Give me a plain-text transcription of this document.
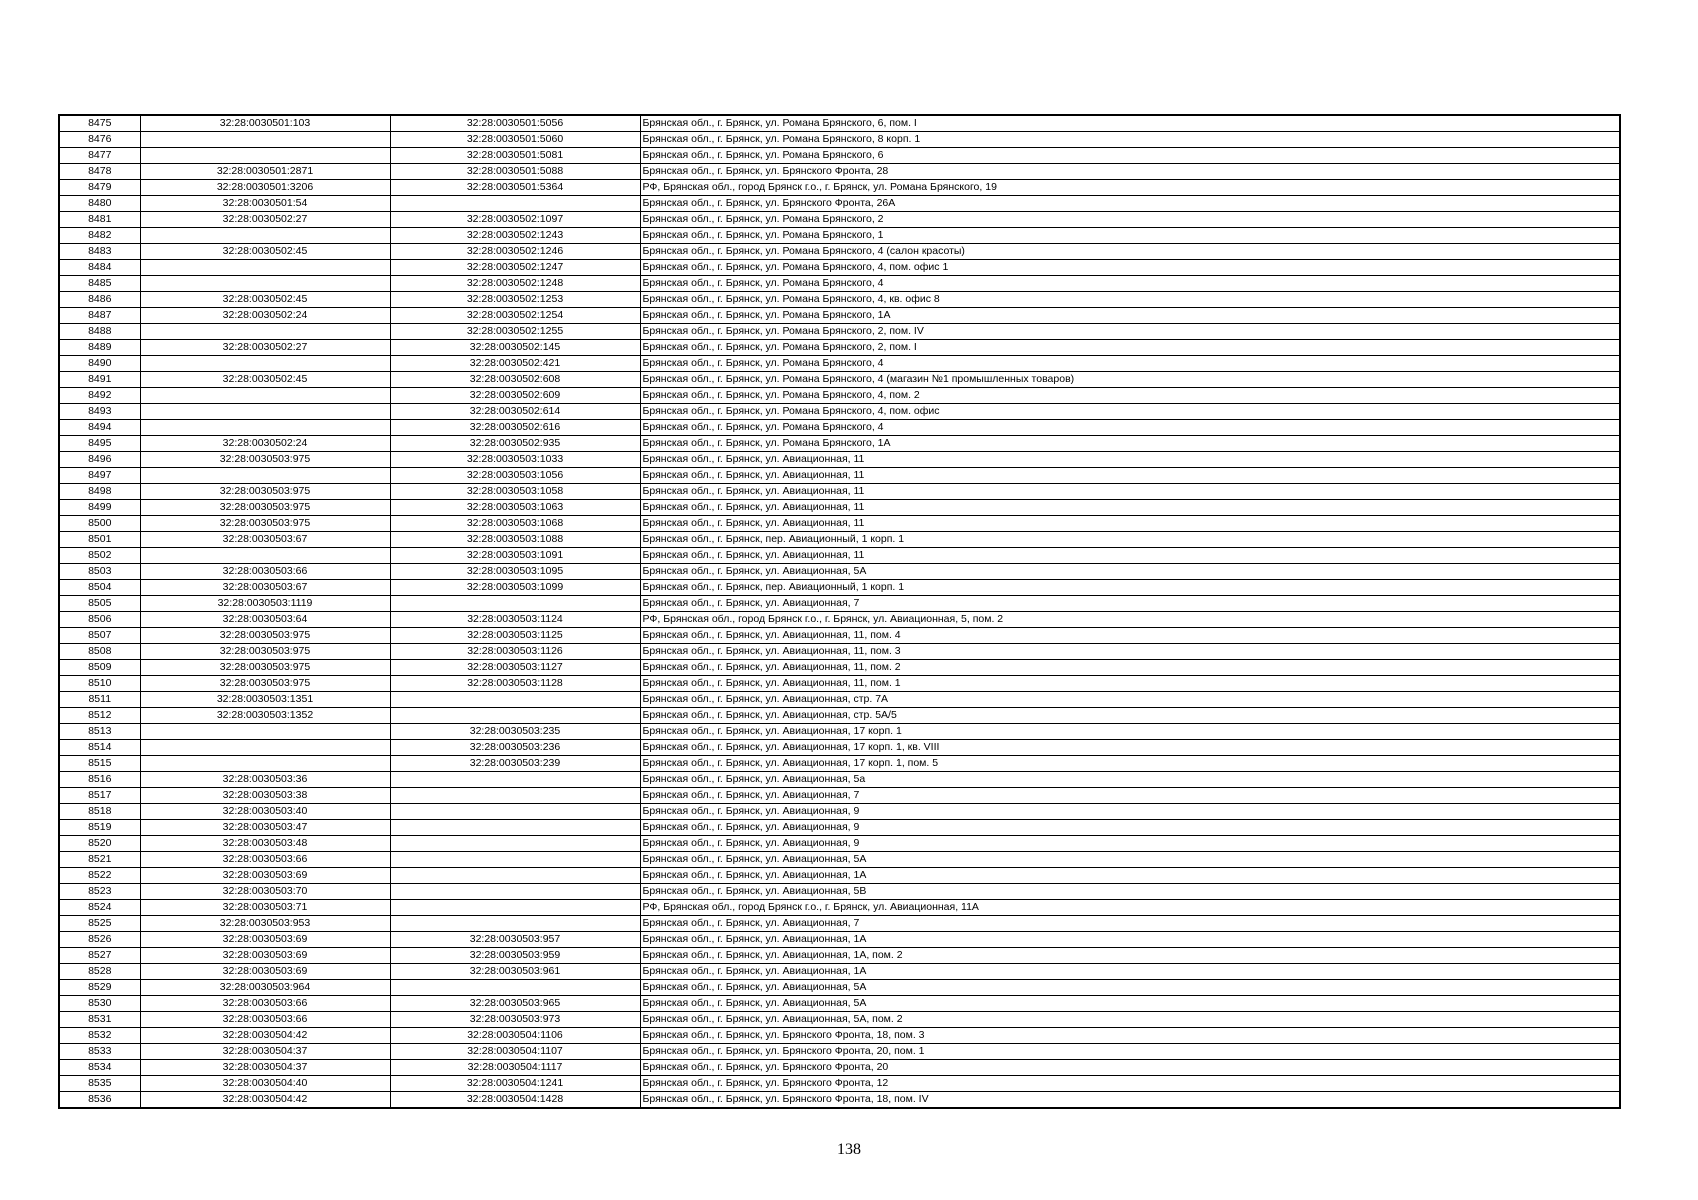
8475	32:28:0030501:103	32:28:0030501:5056	Брянская обл., г. Брянск, ул. Романа Брянского, 6, пом. I
8476		32:28:0030501:5060	Брянская обл., г. Брянск, ул. Романа Брянского, 8 корп. 1
8477		32:28:0030501:5081	Брянская обл., г. Брянск, ул. Романа Брянского, 6
8478	32:28:0030501:2871	32:28:0030501:5088	Брянская обл., г. Брянск, ул. Брянского Фронта, 28
8479	32:28:0030501:3206	32:28:0030501:5364	РФ, Брянская обл., город Брянск г.о., г. Брянск, ул. Романа Брянского, 19
8480	32:28:0030501:54		Брянская обл., г. Брянск, ул. Брянского Фронта, 26А
8481	32:28:0030502:27	32:28:0030502:1097	Брянская обл., г. Брянск, ул. Романа Брянского, 2
8482		32:28:0030502:1243	Брянская обл., г. Брянск, ул. Романа Брянского, 1
8483	32:28:0030502:45	32:28:0030502:1246	Брянская обл., г. Брянск, ул. Романа Брянского, 4 (салон красоты)
8484		32:28:0030502:1247	Брянская обл., г. Брянск, ул. Романа Брянского, 4, пом. офис 1
8485		32:28:0030502:1248	Брянская обл., г. Брянск, ул. Романа Брянского, 4
8486	32:28:0030502:45	32:28:0030502:1253	Брянская обл., г. Брянск, ул. Романа Брянского, 4, кв. офис 8
8487	32:28:0030502:24	32:28:0030502:1254	Брянская обл., г. Брянск, ул. Романа Брянского, 1А
8488		32:28:0030502:1255	Брянская обл., г. Брянск, ул. Романа Брянского, 2, пом. IV
8489	32:28:0030502:27	32:28:0030502:145	Брянская обл., г. Брянск, ул. Романа Брянского, 2, пом. I
8490		32:28:0030502:421	Брянская обл., г. Брянск, ул. Романа Брянского, 4
8491	32:28:0030502:45	32:28:0030502:608	Брянская обл., г. Брянск, ул. Романа Брянского, 4 (магазин №1 промышленных товаров)
8492		32:28:0030502:609	Брянская обл., г. Брянск, ул. Романа Брянского, 4, пом. 2
8493		32:28:0030502:614	Брянская обл., г. Брянск, ул. Романа Брянского, 4, пом. офис
8494		32:28:0030502:616	Брянская обл., г. Брянск, ул. Романа Брянского, 4
8495	32:28:0030502:24	32:28:0030502:935	Брянская обл., г. Брянск, ул. Романа Брянского, 1А
8496	32:28:0030503:975	32:28:0030503:1033	Брянская обл., г. Брянск, ул. Авиационная, 11
8497		32:28:0030503:1056	Брянская обл., г. Брянск, ул. Авиационная, 11
8498	32:28:0030503:975	32:28:0030503:1058	Брянская обл., г. Брянск, ул. Авиационная, 11
8499	32:28:0030503:975	32:28:0030503:1063	Брянская обл., г. Брянск, ул. Авиационная, 11
8500	32:28:0030503:975	32:28:0030503:1068	Брянская обл., г. Брянск, ул. Авиационная, 11
8501	32:28:0030503:67	32:28:0030503:1088	Брянская обл., г. Брянск, пер. Авиационный, 1 корп. 1
8502		32:28:0030503:1091	Брянская обл., г. Брянск, ул. Авиационная, 11
8503	32:28:0030503:66	32:28:0030503:1095	Брянская обл., г. Брянск, ул. Авиационная, 5А
8504	32:28:0030503:67	32:28:0030503:1099	Брянская обл., г. Брянск, пер. Авиационный, 1 корп. 1
8505	32:28:0030503:1119		Брянская обл., г. Брянск, ул. Авиационная, 7
8506	32:28:0030503:64	32:28:0030503:1124	РФ, Брянская обл., город Брянск г.о., г. Брянск, ул. Авиационная, 5, пом. 2
8507	32:28:0030503:975	32:28:0030503:1125	Брянская обл., г. Брянск, ул. Авиационная, 11, пом. 4
8508	32:28:0030503:975	32:28:0030503:1126	Брянская обл., г. Брянск, ул. Авиационная, 11, пом. 3
8509	32:28:0030503:975	32:28:0030503:1127	Брянская обл., г. Брянск, ул. Авиационная, 11, пом. 2
8510	32:28:0030503:975	32:28:0030503:1128	Брянская обл., г. Брянск, ул. Авиационная, 11, пом. 1
8511	32:28:0030503:1351		Брянская обл., г. Брянск, ул. Авиационная, стр. 7А
8512	32:28:0030503:1352		Брянская обл., г. Брянск, ул. Авиационная, стр. 5А/5
8513		32:28:0030503:235	Брянская обл., г. Брянск, ул. Авиационная, 17 корп. 1
8514		32:28:0030503:236	Брянская обл., г. Брянск, ул. Авиационная, 17 корп. 1, кв. VIII
8515		32:28:0030503:239	Брянская обл., г. Брянск, ул. Авиационная, 17 корп. 1, пом. 5
8516	32:28:0030503:36		Брянская обл., г. Брянск, ул. Авиационная, 5а
8517	32:28:0030503:38		Брянская обл., г. Брянск, ул. Авиационная, 7
8518	32:28:0030503:40		Брянская обл., г. Брянск, ул. Авиационная, 9
8519	32:28:0030503:47		Брянская обл., г. Брянск, ул. Авиационная, 9
8520	32:28:0030503:48		Брянская обл., г. Брянск, ул. Авиационная, 9
8521	32:28:0030503:66		Брянская обл., г. Брянск, ул. Авиационная, 5А
8522	32:28:0030503:69		Брянская обл., г. Брянск, ул. Авиационная, 1А
8523	32:28:0030503:70		Брянская обл., г. Брянск, ул. Авиационная, 5В
8524	32:28:0030503:71		РФ, Брянская обл., город Брянск г.о., г. Брянск, ул. Авиационная, 11А
8525	32:28:0030503:953		Брянская обл., г. Брянск, ул. Авиационная, 7
8526	32:28:0030503:69	32:28:0030503:957	Брянская обл., г. Брянск, ул. Авиационная, 1А
8527	32:28:0030503:69	32:28:0030503:959	Брянская обл., г. Брянск, ул. Авиационная, 1А, пом. 2
8528	32:28:0030503:69	32:28:0030503:961	Брянская обл., г. Брянск, ул. Авиационная, 1А
8529	32:28:0030503:964		Брянская обл., г. Брянск, ул. Авиационная, 5А
8530	32:28:0030503:66	32:28:0030503:965	Брянская обл., г. Брянск, ул. Авиационная, 5А
8531	32:28:0030503:66	32:28:0030503:973	Брянская обл., г. Брянск, ул. Авиационная, 5А, пом. 2
8532	32:28:0030504:42	32:28:0030504:1106	Брянская обл., г. Брянск, ул. Брянского Фронта, 18, пом. 3
8533	32:28:0030504:37	32:28:0030504:1107	Брянская обл., г. Брянск, ул. Брянского Фронта, 20, пом. 1
8534	32:28:0030504:37	32:28:0030504:1117	Брянская обл., г. Брянск, ул. Брянского Фронта, 20
8535	32:28:0030504:40	32:28:0030504:1241	Брянская обл., г. Брянск, ул. Брянского Фронта, 12
8536	32:28:0030504:42	32:28:0030504:1428	Брянская обл., г. Брянск, ул. Брянского Фронта, 18, пом. IV
138
